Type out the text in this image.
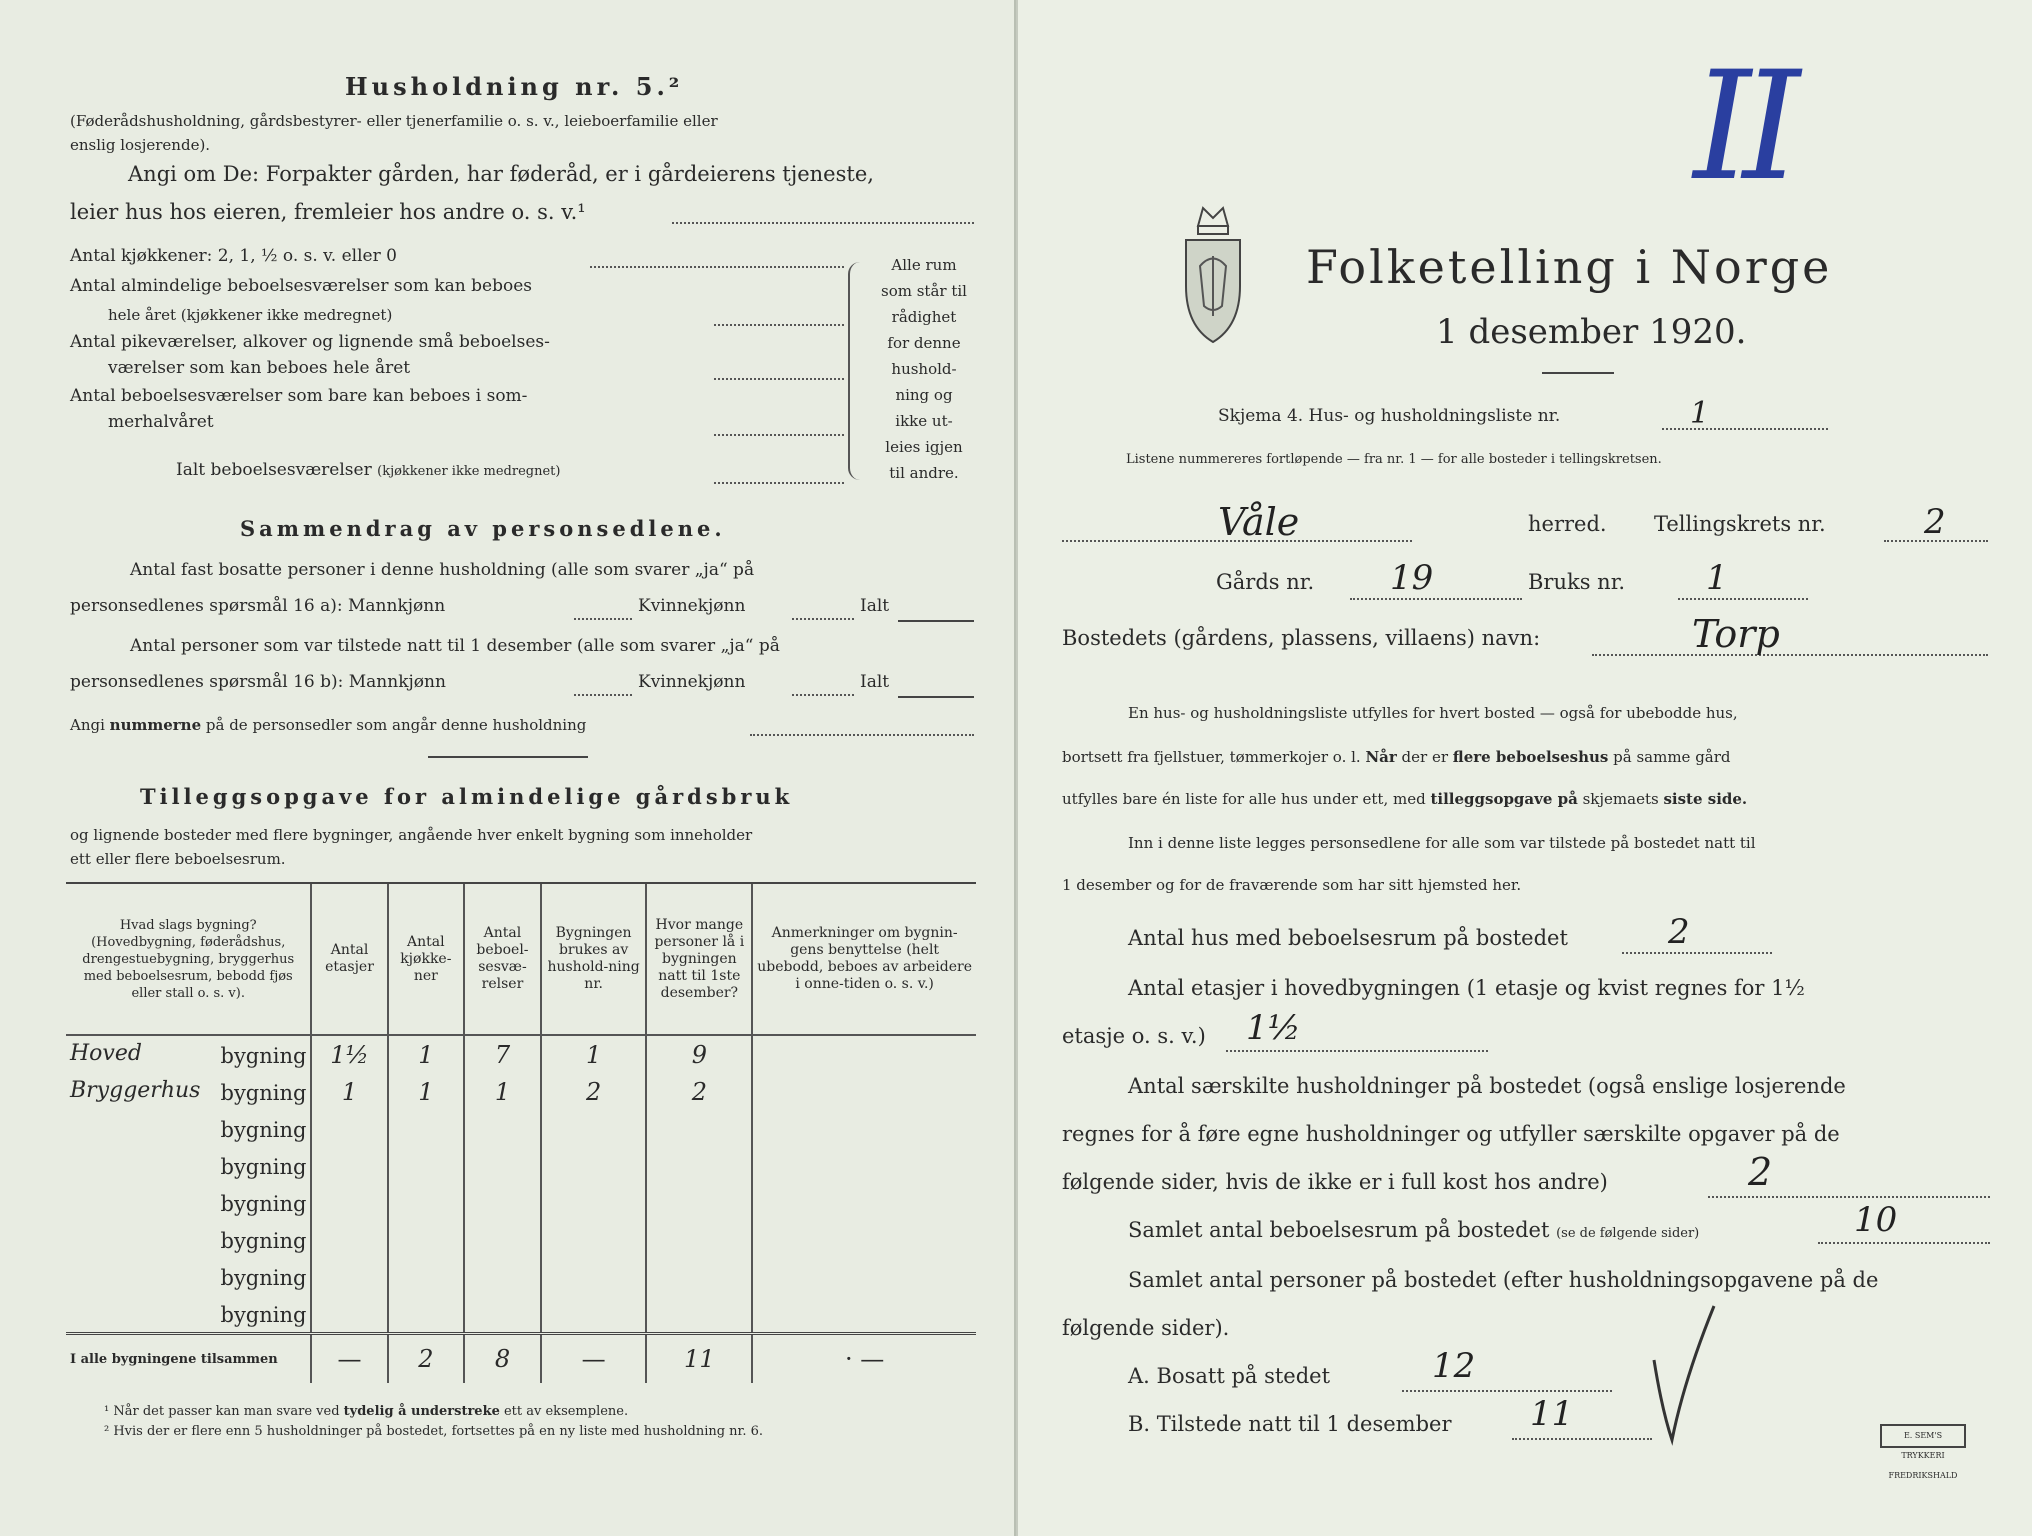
Husholdning nr. 5.²
(Føderådshusholdning, gårdsbestyrer- eller tjenerfamilie o. s. v., leieboerfamilie eller
enslig losjerende).
Angi om De: Forpakter gården, har føderåd, er i gårdeierens tjeneste,
leier hus hos eieren, fremleier hos andre o. s. v.¹
Antal kjøkkener: 2, 1, ½ o. s. v. eller 0
Antal almindelige beboelsesværelser som kan beboes
hele året (kjøkkener ikke medregnet)
Antal pikeværelser, alkover og lignende små beboelses-
værelser som kan beboes hele året
Antal beboelsesværelser som bare kan beboes i som-
merhalvåret
Ialt beboelsesværelser (kjøkkener ikke medregnet)
Alle rum
som står til
rådighet
for denne
hushold-
ning og
ikke ut-
leies igjen
til andre.
Sammendrag av personsedlene.
Antal fast bosatte personer i denne husholdning (alle som svarer „ja“ på
personsedlenes spørsmål 16 a): Mannkjønn	Kvinnekjønn	Ialt
Antal personer som var tilstede natt til 1 desember (alle som svarer „ja“ på
personsedlenes spørsmål 16 b): Mannkjønn	Kvinnekjønn	Ialt
Angi nummerne på de personsedler som angår denne husholdning
Tilleggsopgave for almindelige gårdsbruk
og lignende bosteder med flere bygninger, angående hver enkelt bygning som inneholder
ett eller flere beboelsesrum.
Hvad slags bygning? (Hovedbygning, føderådshus, drengestuebygning, bryggerhus med beboelsesrum, bebodd fjøs eller stall o. s. v).	Antal etasjer	Antal kjøkke-ner	Antal beboel-sesvæ-relser	Bygningen brukes av hushold-ning nr.	Hvor mange personer lå i bygningen natt til 1ste desember?	Anmerkninger om bygnin-gens benyttelse (helt ubebodd, beboes av arbeidere i onne-tiden o. s. v.)

Hoved bygning	1½	1	7	1	9	

Bryggerhus bygning	1	1	1	2	2	

bygning						

bygning						

bygning						

bygning						

bygning						

bygning						
I alle bygningene tilsammen	—	2	8	—	11	· —
¹ Når det passer kan man svare ved tydelig å understreke ett av eksemplene.
² Hvis der er flere enn 5 husholdninger på bostedet, fortsettes på en ny liste med husholdning nr. 6.
II
Folketelling i Norge
1 desember 1920.
Skjema 4. Hus- og husholdningsliste nr.	1
Listene nummereres fortløpende — fra nr. 1 — for alle bosteder i tellingskretsen.
Våle	herred. Tellingskrets nr.	2
Gårds nr. 19	Bruks nr. 1
Bostedets (gårdens, plassens, villaens) navn:	Torp
En hus- og husholdningsliste utfylles for hvert bosted — også for ubebodde hus,
bortsett fra fjellstuer, tømmerkojer o. l. Når der er flere beboelseshus på samme gård
utfylles bare én liste for alle hus under ett, med tilleggsopgave på skjemaets siste side.
Inn i denne liste legges personsedlene for alle som var tilstede på bostedet natt til
1 desember og for de fraværende som har sitt hjemsted her.
Antal hus med beboelsesrum på bostedet	2
Antal etasjer i hovedbygningen (1 etasje og kvist regnes for 1½
etasje o. s. v.) 1½
Antal særskilte husholdninger på bostedet (også enslige losjerende
regnes for å føre egne husholdninger og utfyller særskilte opgaver på de
følgende sider, hvis de ikke er i full kost hos andre)	2
Samlet antal beboelsesrum på bostedet (se de følgende sider)	10
Samlet antal personer på bostedet (efter husholdningsopgavene på de
følgende sider).
A. Bosatt på stedet	12
B. Tilstede natt til 1 desember 11
E. SEM'S TRYKKERI FREDRIKSHALD
